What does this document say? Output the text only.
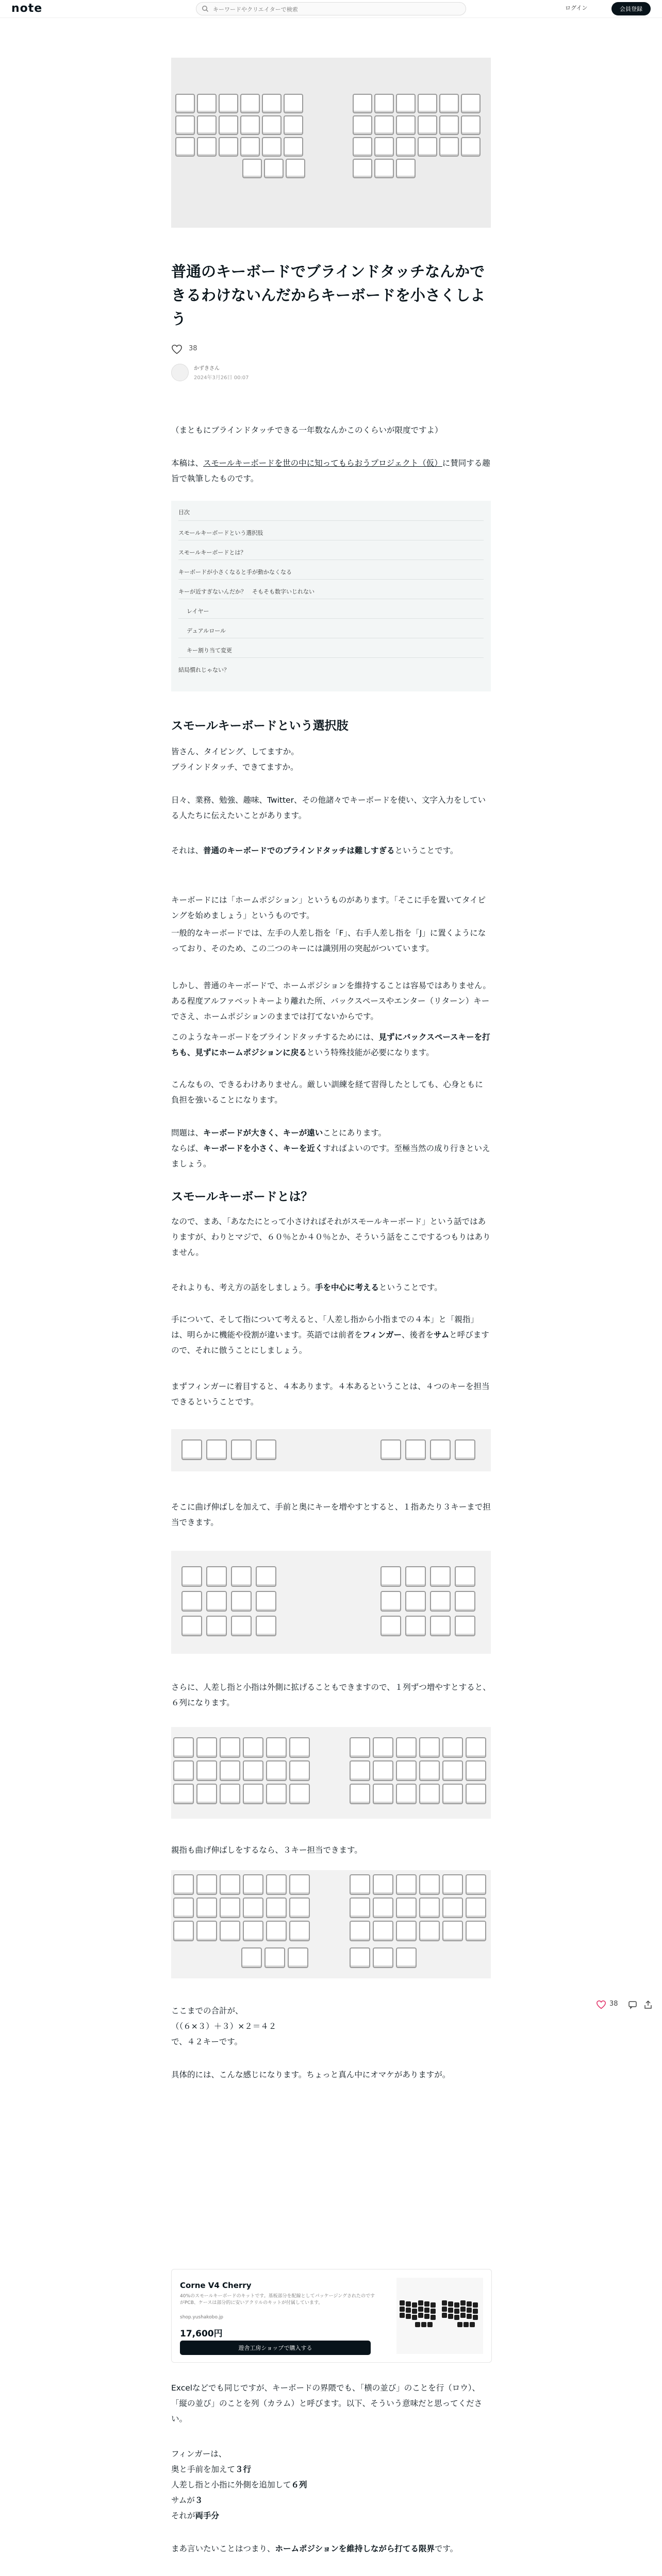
note
キーワードやクリエイターで検索	ログイン	会員登録
普通のキーボードでブラインドタッチなんかできるわけないんだからキーボードを小さくしよう
38
かずきさん
2024年3月26日 00:07
（まともにブラインドタッチできる一年数なんかこのくらいが限度ですよ）
本稿は、スモールキーボードを世の中に知ってもらおうプロジェクト（仮）に賛同する趣旨で執筆したものです。
目次
スモールキーボードという選択肢
スモールキーボードとは？
キーボードが小さくなると手が動かなくなる
キーが近すぎないんだか？　そもそも数字いじれない
レイヤー
デュアルロール
キー割り当て変更
結局慣れじゃない？
スモールキーボードという選択肢
皆さん、タイピング、してますか。
ブラインドタッチ、できてますか。
日々、業務、勉強、趣味、Twitter、その他諸々でキーボードを使い、文字入力をしている人たちに伝えたいことがあります。
それは、普通のキーボードでのブラインドタッチは難しすぎるということです。
キーボードには「ホームポジション」というものがあります。「そこに手を置いてタイピングを始めましょう」というものです。
一般的なキーボードでは、左手の人差し指を「F」、右手人差し指を「J」に置くようになっており、そのため、この二つのキーには識別用の突起がついています。
しかし、普通のキーボードで、ホームポジションを維持することは容易ではありません。ある程度アルファベットキーより離れた所、バックスペースやエンター（リターン）キーでさえ、ホームポジションのままでは打てないからです。
このようなキーボードをブラインドタッチするためには、見ずにバックスペースキーを打ちも、見ずにホームポジションに戻るという特殊技能が必要になります。
こんなもの、できるわけありません。厳しい訓練を経て習得したとしても、心身ともに負担を強いることになります。
問題は、キーボードが大きく、キーが遠いことにあります。
ならば、キーボードを小さく、キーを近くすればよいのです。至極当然の成り行きといえましょう。
スモールキーボードとは？
なので、まあ、「あなたにとって小さければそれがスモールキーボード」という話ではありますが、わりとマジで、６０％とか４０％とか、そういう話をここでするつもりはありません。
それよりも、考え方の話をしましょう。手を中心に考えるということです。
手について、そして指について考えると、「人差し指から小指までの４本」と「親指」は、明らかに機能や役割が違います。英語では前者をフィンガー、後者をサムと呼びますので、それに倣うことにしましょう。
まずフィンガーに着目すると、４本あります。４本あるということは、４つのキーを担当できるということです。
そこに曲げ伸ばしを加えて、手前と奥にキーを増やすとすると、１指あたり３キーまで担当できます。
さらに、人差し指と小指は外側に拡げることもできますので、１列ずつ増やすとすると、６列になります。
親指も曲げ伸ばしをするなら、３キー担当できます。
ここまでの合計が、
（（６×３）＋３）×２＝４２
で、４２キーです。
具体的には、こんな感じになります。ちょっと真ん中にオマケがありますが。
Corne V4 Cherry
40%のスモールキーボードのキットです。基板部分を配線としてパッケージングされたのですがPCB、ケースは部分的に安いアクリルのキットが付属しています。
shop.yushakobo.jp
17,600円
遊舎工房ショップで購入する
Excelなどでも同じですが、キーボードの界隈でも、「横の並び」のことを行（ロウ）、「縦の並び」のことを列（カラム）と呼びます。以下、そういう意味だと思ってください。
フィンガーは、
奥と手前を加えて３行
人差し指と小指に外側を追加して６列
サムが３
それが両手分
まあ言いたいことはつまり、ホームポジションを維持しながら打てる限界です。
38
